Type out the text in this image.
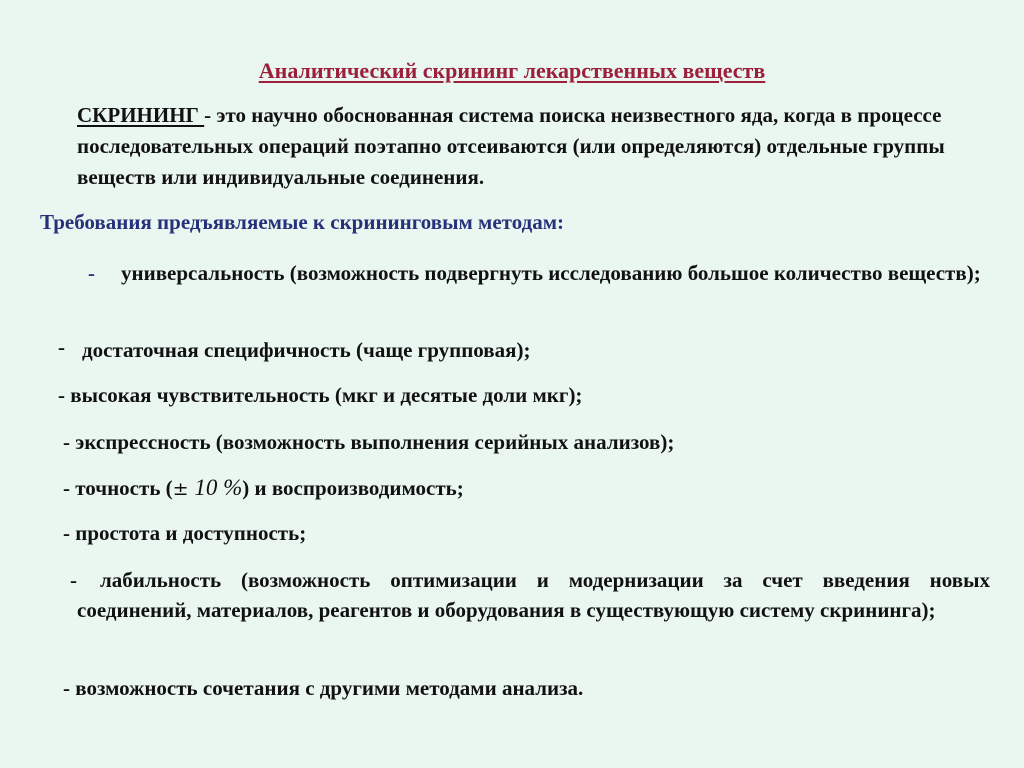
Аналитический скрининг лекарственных веществ
СКРИНИНГ - это научно обоснованная система поиска неизвестного яда, когда в процессе последовательных операций поэтапно отсеиваются (или определяются) отдельные группы веществ или индивидуальные соединения.
Требования предъявляемые к скрининговым методам:
-	универсальность (возможность подвергнуть исследованию большое количество веществ);
- достаточная специфичность (чаще групповая);
- высокая чувствительность (мкг и десятые доли мкг);
- экспрессность (возможность выполнения серийных анализов);
- точность (± 10 %) и воспроизводимость;
- простота и доступность;
-	лабильность (возможность оптимизации и модернизации за счет введения новых соединений, материалов, реагентов и оборудования в существующую систему скрининга);
- возможность сочетания с другими методами анализа.
